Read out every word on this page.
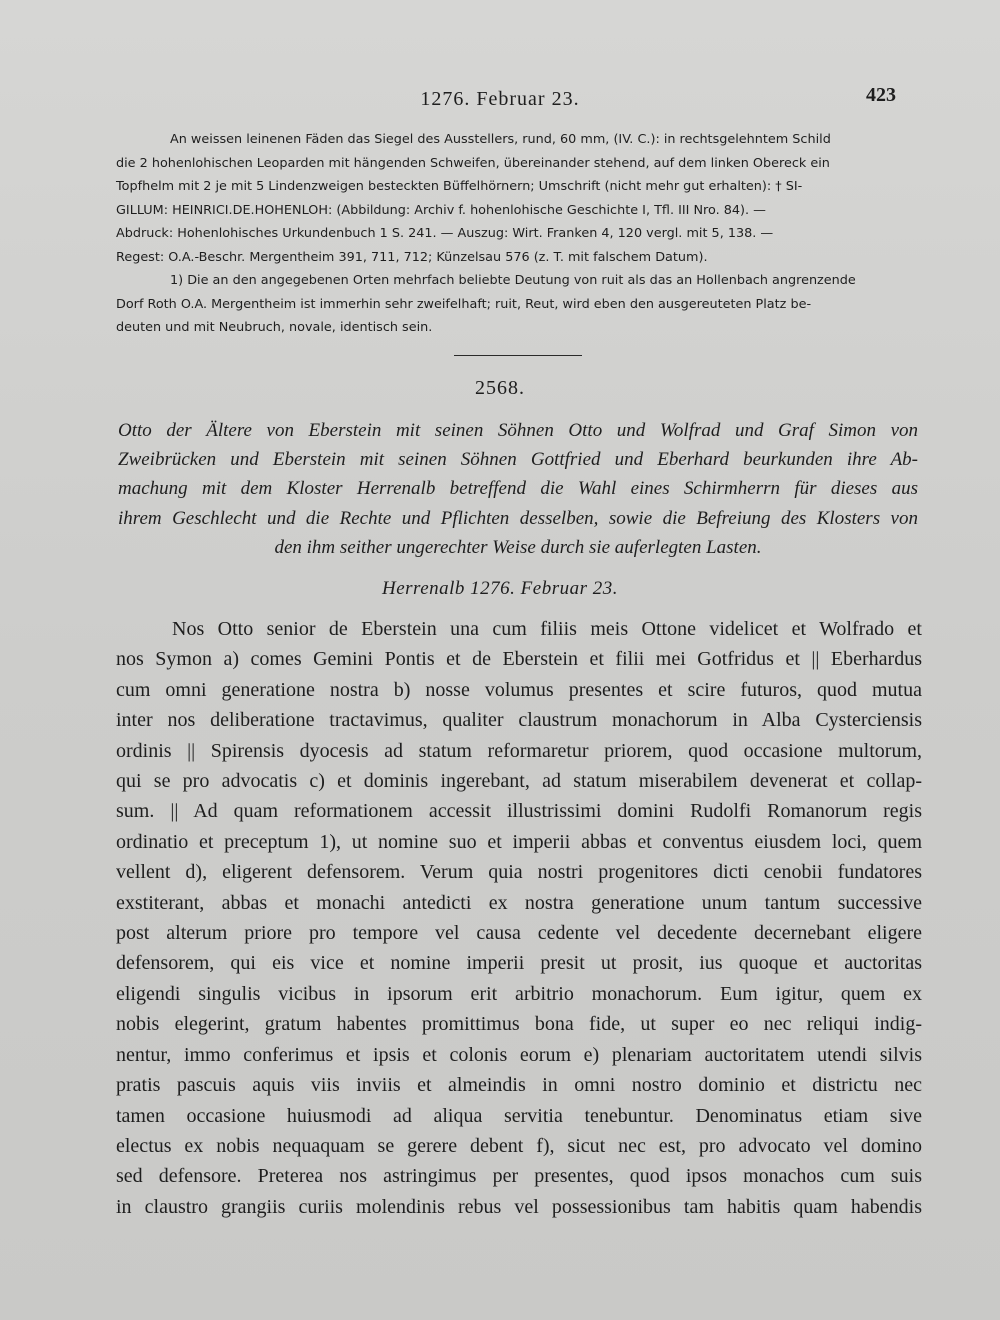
1276. Februar 23.	423
An weissen leinenen Fäden das Siegel des Ausstellers, rund, 60 mm, (IV. C.): in rechtsgelehntem Schild
die 2 hohenlohischen Leoparden mit hängenden Schweifen, übereinander stehend, auf dem linken Obereck ein
Topfhelm mit 2 je mit 5 Lindenzweigen besteckten Büffelhörnern; Umschrift (nicht mehr gut erhalten): † SI-
GILLUM: HEINRICI.DE.HOHENLOH: (Abbildung: Archiv f. hohenlohische Geschichte I, Tfl. III Nro. 84). —
Abdruck: Hohenlohisches Urkundenbuch 1 S. 241. — Auszug: Wirt. Franken 4, 120 vergl. mit 5, 138. —
Regest: O.A.-Beschr. Mergentheim 391, 711, 712; Künzelsau 576 (z. T. mit falschem Datum).
1) Die an den angegebenen Orten mehrfach beliebte Deutung von ruit als das an Hollenbach angrenzende
Dorf Roth O.A. Mergentheim ist immerhin sehr zweifelhaft; ruit, Reut, wird eben den ausgereuteten Platz be-
deuten und mit Neubruch, novale, identisch sein.
2568.
Otto der Ältere von Eberstein mit seinen Söhnen Otto und Wolfrad und Graf Simon von
Zweibrücken und Eberstein mit seinen Söhnen Gottfried und Eberhard beurkunden ihre Ab-
machung mit dem Kloster Herrenalb betreffend die Wahl eines Schirmherrn für dieses aus
ihrem Geschlecht und die Rechte und Pflichten desselben, sowie die Befreiung des Klosters von
den ihm seither ungerechter Weise durch sie auferlegten Lasten.
Herrenalb 1276. Februar 23.
Nos Otto senior de Eberstein una cum filiis meis Ottone videlicet et Wolfrado et
nos Symon a) comes Gemini Pontis et de Eberstein et filii mei Gotfridus et || Eberhardus
cum omni generatione nostra b) nosse volumus presentes et scire futuros, quod mutua
inter nos deliberatione tractavimus, qualiter claustrum monachorum in Alba Cysterciensis
ordinis || Spirensis dyocesis ad statum reformaretur priorem, quod occasione multorum,
qui se pro advocatis c) et dominis ingerebant, ad statum miserabilem devenerat et collap-
sum. || Ad quam reformationem accessit illustrissimi domini Rudolfi Romanorum regis
ordinatio et preceptum 1), ut nomine suo et imperii abbas et conventus eiusdem loci, quem
vellent d), eligerent defensorem. Verum quia nostri progenitores dicti cenobii fundatores
exstiterant, abbas et monachi antedicti ex nostra generatione unum tantum successive
post alterum priore pro tempore vel causa cedente vel decedente decernebant eligere
defensorem, qui eis vice et nomine imperii presit ut prosit, ius quoque et auctoritas
eligendi singulis vicibus in ipsorum erit arbitrio monachorum. Eum igitur, quem ex
nobis elegerint, gratum habentes promittimus bona fide, ut super eo nec reliqui indig-
nentur, immo conferimus et ipsis et colonis eorum e) plenariam auctoritatem utendi silvis
pratis pascuis aquis viis inviis et almeindis in omni nostro dominio et districtu nec
tamen occasione huiusmodi ad aliqua servitia tenebuntur. Denominatus etiam sive
electus ex nobis nequaquam se gerere debent f), sicut nec est, pro advocato vel domino
sed defensore. Preterea nos astringimus per presentes, quod ipsos monachos cum suis
in claustro grangiis curiis molendinis rebus vel possessionibus tam habitis quam habendis
